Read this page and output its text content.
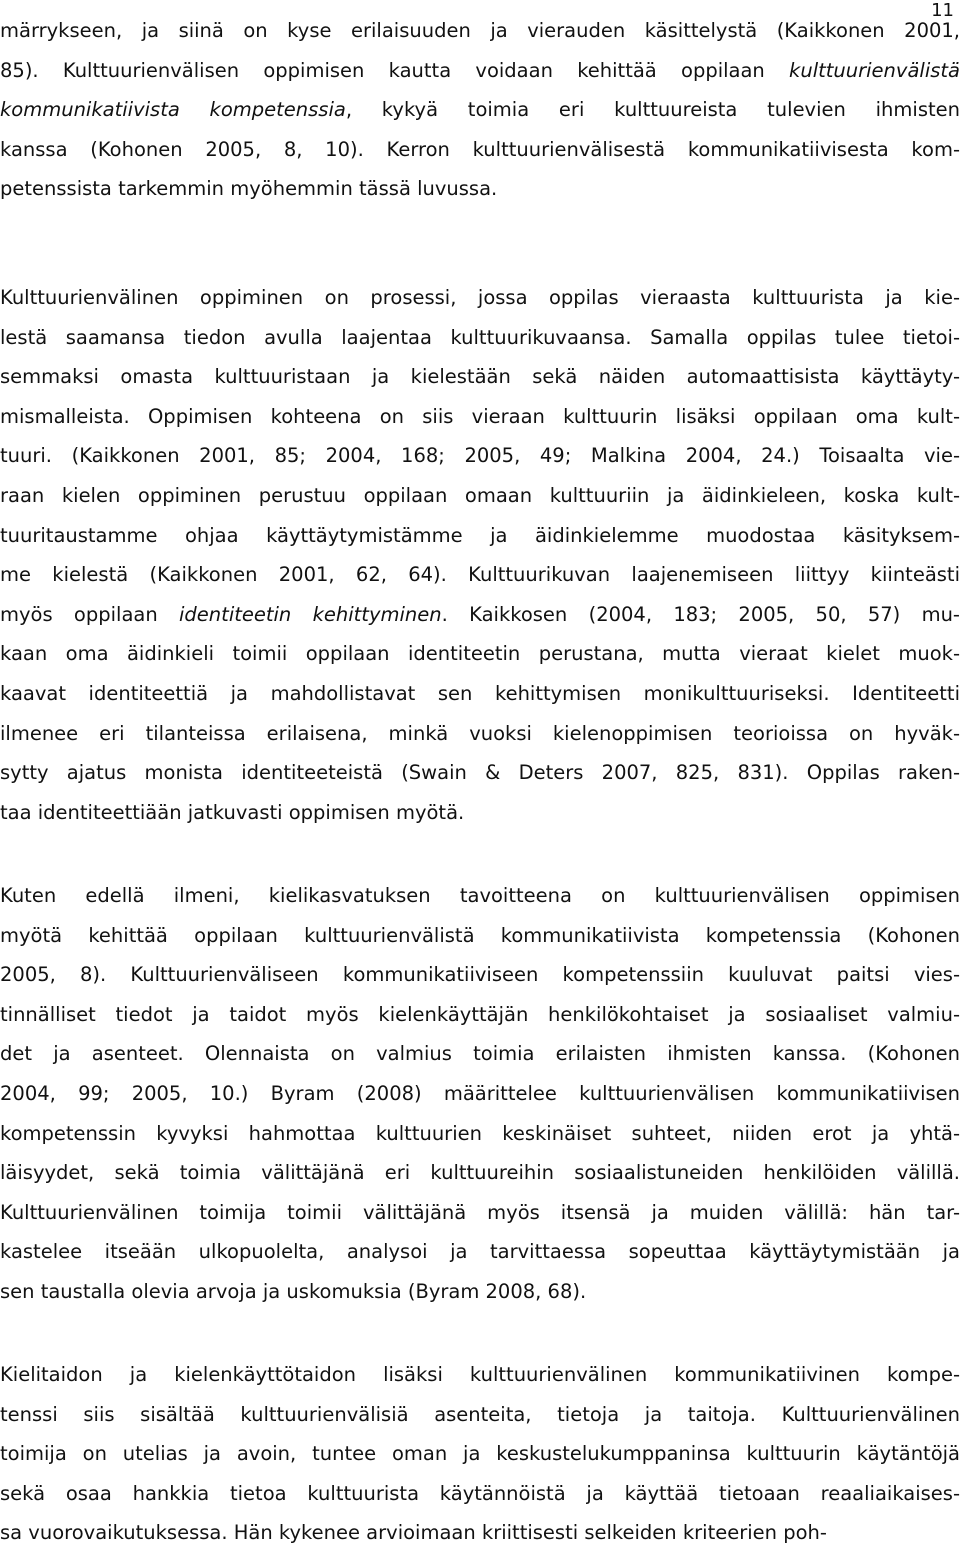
11
märrykseen, ja siinä on kyse erilaisuuden ja vierauden käsittelystä (Kaikkonen 2001,
85). Kulttuurienvälisen oppimisen kautta voidaan kehittää oppilaan kulttuurienvälistä
kommunikatiivista kompetenssia, kykyä toimia eri kulttuureista tulevien ihmisten
kanssa (Kohonen 2005, 8, 10). Kerron kulttuurienvälisestä kommunikatiivisesta kom-
petenssista tarkemmin myöhemmin tässä luvussa.
Kulttuurienvälinen oppiminen on prosessi, jossa oppilas vieraasta kulttuurista ja kie-
lestä saamansa tiedon avulla laajentaa kulttuurikuvaansa. Samalla oppilas tulee tietoi-
semmaksi omasta kulttuuristaan ja kielestään sekä näiden automaattisista käyttäyty-
mismalleista. Oppimisen kohteena on siis vieraan kulttuurin lisäksi oppilaan oma kult-
tuuri. (Kaikkonen 2001, 85; 2004, 168; 2005, 49; Malkina 2004, 24.) Toisaalta vie-
raan kielen oppiminen perustuu oppilaan omaan kulttuuriin ja äidinkieleen, koska kult-
tuuritaustamme ohjaa käyttäytymistämme ja äidinkielemme muodostaa käsityksem-
me kielestä (Kaikkonen 2001, 62, 64). Kulttuurikuvan laajenemiseen liittyy kiinteästi
myös oppilaan identiteetin kehittyminen. Kaikkosen (2004, 183; 2005, 50, 57) mu-
kaan oma äidinkieli toimii oppilaan identiteetin perustana, mutta vieraat kielet muok-
kaavat identiteettiä ja mahdollistavat sen kehittymisen monikulttuuriseksi. Identiteetti
ilmenee eri tilanteissa erilaisena, minkä vuoksi kielenoppimisen teorioissa on hyväk-
sytty ajatus monista identiteeteistä (Swain & Deters 2007, 825, 831). Oppilas raken-
taa identiteettiään jatkuvasti oppimisen myötä.
Kuten edellä ilmeni, kielikasvatuksen tavoitteena on kulttuurienvälisen oppimisen
myötä kehittää oppilaan kulttuurienvälistä kommunikatiivista kompetenssia (Kohonen
2005, 8). Kulttuurienväliseen kommunikatiiviseen kompetenssiin kuuluvat paitsi vies-
tinnälliset tiedot ja taidot myös kielenkäyttäjän henkilökohtaiset ja sosiaaliset valmiu-
det ja asenteet. Olennaista on valmius toimia erilaisten ihmisten kanssa. (Kohonen
2004, 99; 2005, 10.) Byram (2008) määrittelee kulttuurienvälisen kommunikatiivisen
kompetenssin kyvyksi hahmottaa kulttuurien keskinäiset suhteet, niiden erot ja yhtä-
läisyydet, sekä toimia välittäjänä eri kulttuureihin sosiaalistuneiden henkilöiden välillä.
Kulttuurienvälinen toimija toimii välittäjänä myös itsensä ja muiden välillä: hän tar-
kastelee itseään ulkopuolelta, analysoi ja tarvittaessa sopeuttaa käyttäytymistään ja
sen taustalla olevia arvoja ja uskomuksia (Byram 2008, 68).
Kielitaidon ja kielenkäyttötaidon lisäksi kulttuurienvälinen kommunikatiivinen kompe-
tenssi siis sisältää kulttuurienvälisiä asenteita, tietoja ja taitoja. Kulttuurienvälinen
toimija on utelias ja avoin, tuntee oman ja keskustelukumppaninsa kulttuurin käytäntöjä
sekä osaa hankkia tietoa kulttuurista käytännöistä ja käyttää tietoaan reaaliaikaises-
sa vuorovaikutuksessa. Hän kykenee arvioimaan kriittisesti selkeiden kriteerien poh-
